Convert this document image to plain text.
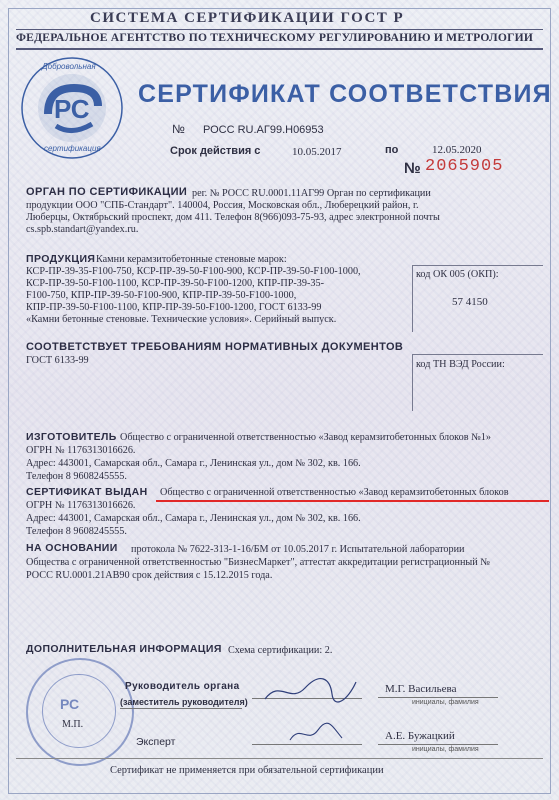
СИСТЕМА СЕРТИФИКАЦИИ ГОСТ Р
ФЕДЕРАЛЬНОЕ АГЕНТСТВО ПО ТЕХНИЧЕСКОМУ РЕГУЛИРОВАНИЮ И МЕТРОЛОГИИ
Добровольная
РС
сертификация
СЕРТИФИКАТ СООТВЕТСТВИЯ
№ РОСС RU.АГ99.Н06953
Срок действия с	10.05.2017	по	12.05.2020
№ 2065905
ОРГАН ПО СЕРТИФИКАЦИИ рег. № РОСС RU.0001.11АГ99 Орган по сертификации
продукции ООО "СПБ-Стандарт". 140004, Россия, Московская обл., Люберецкий район, г.
Люберцы, Октябрьский проспект, дом 411. Телефон 8(966)093-75-93, адрес электронной почты
cs.spb.standart@yandex.ru.
ПРОДУКЦИЯ Камни керамзитобетонные стеновые марок:
КСР-ПР-39-35-F100-750, КСР-ПР-39-50-F100-900, КСР-ПР-39-50-F100-1000,
КСР-ПР-39-50-F100-1100, КСР-ПР-39-50-F100-1200, КПР-ПР-39-35-
F100-750, КПР-ПР-39-50-F100-900, КПР-ПР-39-50-F100-1000,
КПР-ПР-39-50-F100-1100, КПР-ПР-39-50-F100-1200, ГОСТ 6133-99
«Камни бетонные стеновые. Технические условия». Серийный выпуск.
код ОК 005 (ОКП):
57 4150
СООТВЕТСТВУЕТ ТРЕБОВАНИЯМ НОРМАТИВНЫХ ДОКУМЕНТОВ
ГОСТ 6133-99	код ТН ВЭД России:
ИЗГОТОВИТЕЛЬ Общество с ограниченной ответственностью «Завод керамзитобетонных блоков №1»
ОГРН № 1176313016626.
Адрес: 443001, Самарская обл., Самара г., Ленинская ул., дом № 302, кв. 166.
Телефон 8 9608245555.
СЕРТИФИКАТ ВЫДАН Общество с ограниченной ответственностью «Завод керамзитобетонных блоков
ОГРН № 1176313016626.
Адрес: 443001, Самарская обл., Самара г., Ленинская ул., дом № 302, кв. 166.
Телефон 8 9608245555.
НА ОСНОВАНИИ протокола № 7622-313-1-16/БМ от 10.05.2017 г. Испытательной лаборатории
Общества с ограниченной ответственностью "БизнесМаркет", аттестат аккредитации регистрационный №
РОСС RU.0001.21АВ90 срок действия с 15.12.2015 года.
ДОПОЛНИТЕЛЬНАЯ ИНФОРМАЦИЯ Схема сертификации: 2.
РС
М.П.
Руководитель органа
(заместитель руководителя)
М.Г. Васильева
инициалы, фамилия
Эксперт	А.Е. Бужацкий
инициалы, фамилия
Сертификат не применяется при обязательной сертификации
